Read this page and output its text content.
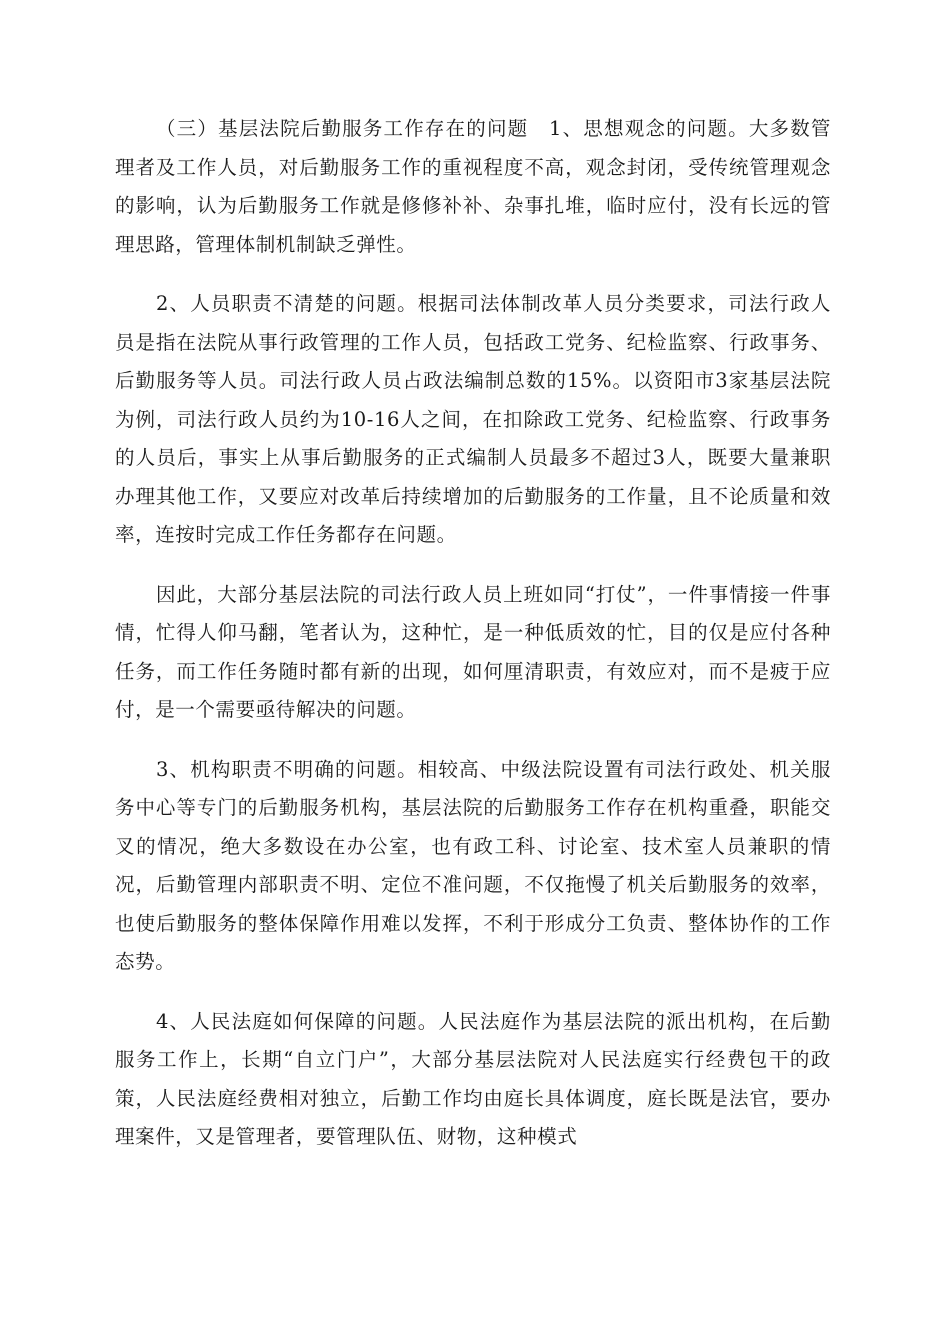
（三）基层法院后勤服务工作存在的问题　1、思想观念的问题。大多数管理者及工作人员，对后勤服务工作的重视程度不高，观念封闭，受传统管理观念的影响，认为后勤服务工作就是修修补补、杂事扎堆，临时应付，没有长远的管理思路，管理体制机制缺乏弹性。

2、人员职责不清楚的问题。根据司法体制改革人员分类要求，司法行政人员是指在法院从事行政管理的工作人员，包括政工党务、纪检监察、行政事务、后勤服务等人员。司法行政人员占政法编制总数的15%。以资阳市3家基层法院为例，司法行政人员约为10-16人之间，在扣除政工党务、纪检监察、行政事务的人员后，事实上从事后勤服务的正式编制人员最多不超过3人，既要大量兼职办理其他工作，又要应对改革后持续增加的后勤服务的工作量，且不论质量和效率，连按时完成工作任务都存在问题。

因此，大部分基层法院的司法行政人员上班如同“打仗”，一件事情接一件事情，忙得人仰马翻，笔者认为，这种忙，是一种低质效的忙，目的仅是应付各种任务，而工作任务随时都有新的出现，如何厘清职责，有效应对，而不是疲于应付，是一个需要亟待解决的问题。

3、机构职责不明确的问题。相较高、中级法院设置有司法行政处、机关服务中心等专门的后勤服务机构，基层法院的后勤服务工作存在机构重叠，职能交叉的情况，绝大多数设在办公室，也有政工科、讨论室、技术室人员兼职的情况，后勤管理内部职责不明、定位不准问题，不仅拖慢了机关后勤服务的效率，也使后勤服务的整体保障作用难以发挥，不利于形成分工负责、整体协作的工作态势。

4、人民法庭如何保障的问题。人民法庭作为基层法院的派出机构，在后勤服务工作上，长期“自立门户”，大部分基层法院对人民法庭实行经费包干的政策，人民法庭经费相对独立，后勤工作均由庭长具体调度，庭长既是法官，要办理案件，又是管理者，要管理队伍、财物，这种模式
